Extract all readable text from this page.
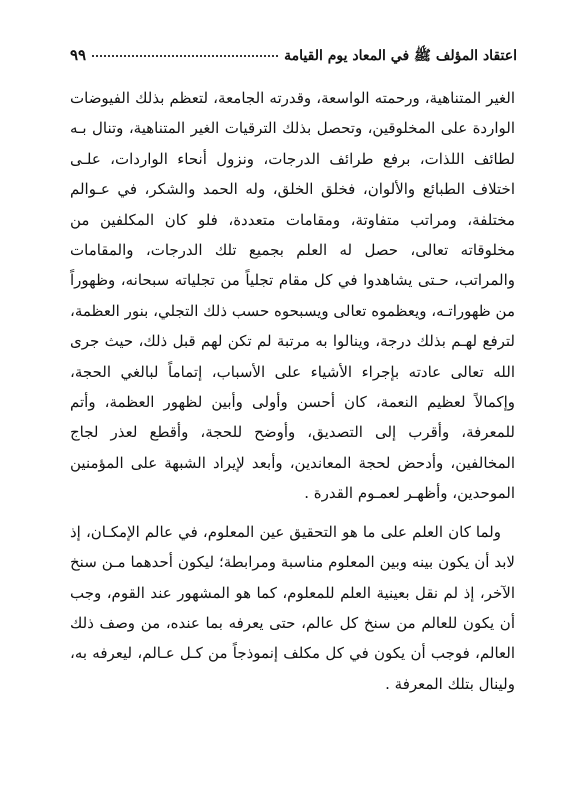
اعتقاد المؤلف ﷺ في المعاد يوم القيامة
٩٩

الغير المتناهية، ورحمته الواسعة، وقدرته الجامعة، لتعظم بذلك الفيوضات الواردة على المخلوقين، وتحصل بذلك الترقيات الغير المتناهية، وتنال بـه لطائف اللذات، برفع طرائف الدرجات، ونزول أنحاء الواردات، علـى اختلاف الطبائع والألوان، فخلق الخلق، وله الحمد والشكر، في عـوالم مختلفة، ومراتب متفاوتة، ومقامات متعددة، فلو كان المكلفين من مخلوقاته تعالى، حصل له العلم بجميع تلك الدرجات، والمقامات والمراتب، حـتى يشاهدوا في كل مقام تجلياً من تجلياته سبحانه، وظهوراً من ظهوراتـه، ويعظموه تعالى ويسبحوه حسب ذلك التجلي، بنور العظمة، لترفع لهـم بذلك درجة، وينالوا به مرتبة لم تكن لهم قبل ذلك، حيث جرى الله تعالى عادته بإجراء الأشياء على الأسباب، إتماماً لبالغي الحجة، وإكمالاً لعظيم النعمة، كان أحسن وأولى وأبين لظهور العظمة، وأتم للمعرفة، وأقرب إلى التصديق، وأوضح للحجة، وأقطع لعذر لجاج المخالفين، وأدحض لحجة المعاندين، وأبعد لإيراد الشبهة على المؤمنين الموحدين، وأظهـر لعمـوم القدرة .

ولما كان العلم على ما هو التحقيق عين المعلوم، في عالم الإمكـان، إذ لابد أن يكون بينه وبين المعلوم مناسبة ومرابطة؛ ليكون أحدهما مـن سنخ الآخر، إذ لم نقل بعينية العلم للمعلوم، كما هو المشهور عند القوم، وجب أن يكون للعالم من سنخ كل عالم، حتى يعرفه بما عنده، من وصف ذلك العالم، فوجب أن يكون في كل مكلف إنموذجاً من كـل عـالم، ليعرفه به، ولينال بتلك المعرفة .
